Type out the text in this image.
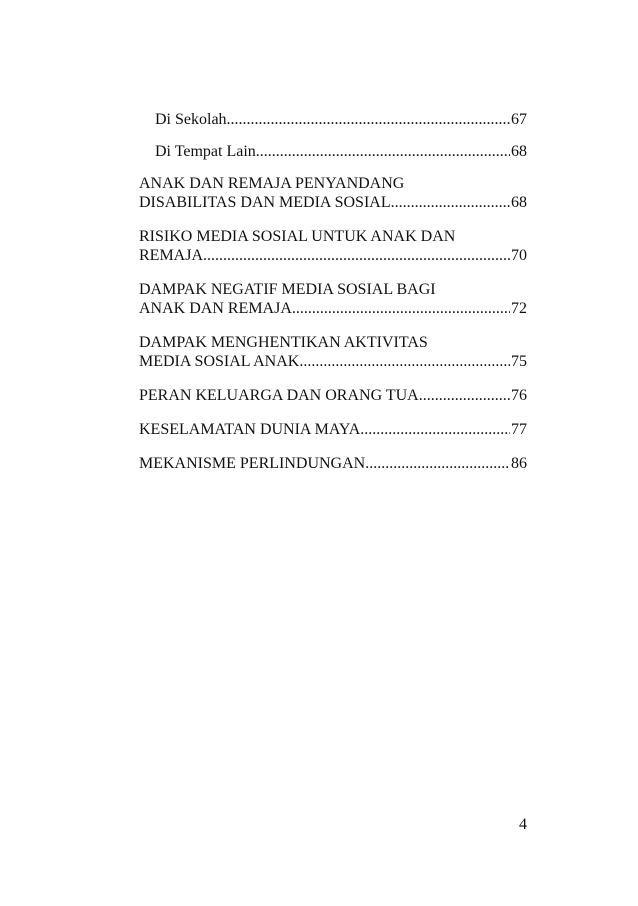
Di Sekolah .....	67
Di Tempat Lain .....	68
ANAK DAN REMAJA PENYANDANG
DISABILITAS DAN MEDIA SOSIAL .....	68
RISIKO MEDIA SOSIAL UNTUK ANAK DAN
REMAJA .....	70
DAMPAK NEGATIF MEDIA SOSIAL BAGI
ANAK DAN REMAJA .....	72
DAMPAK MENGHENTIKAN AKTIVITAS
MEDIA SOSIAL ANAK .....	75
PERAN KELUARGA DAN ORANG TUA .....	76
KESELAMATAN DUNIA MAYA .....	77
MEKANISME PERLINDUNGAN .....	86
4
